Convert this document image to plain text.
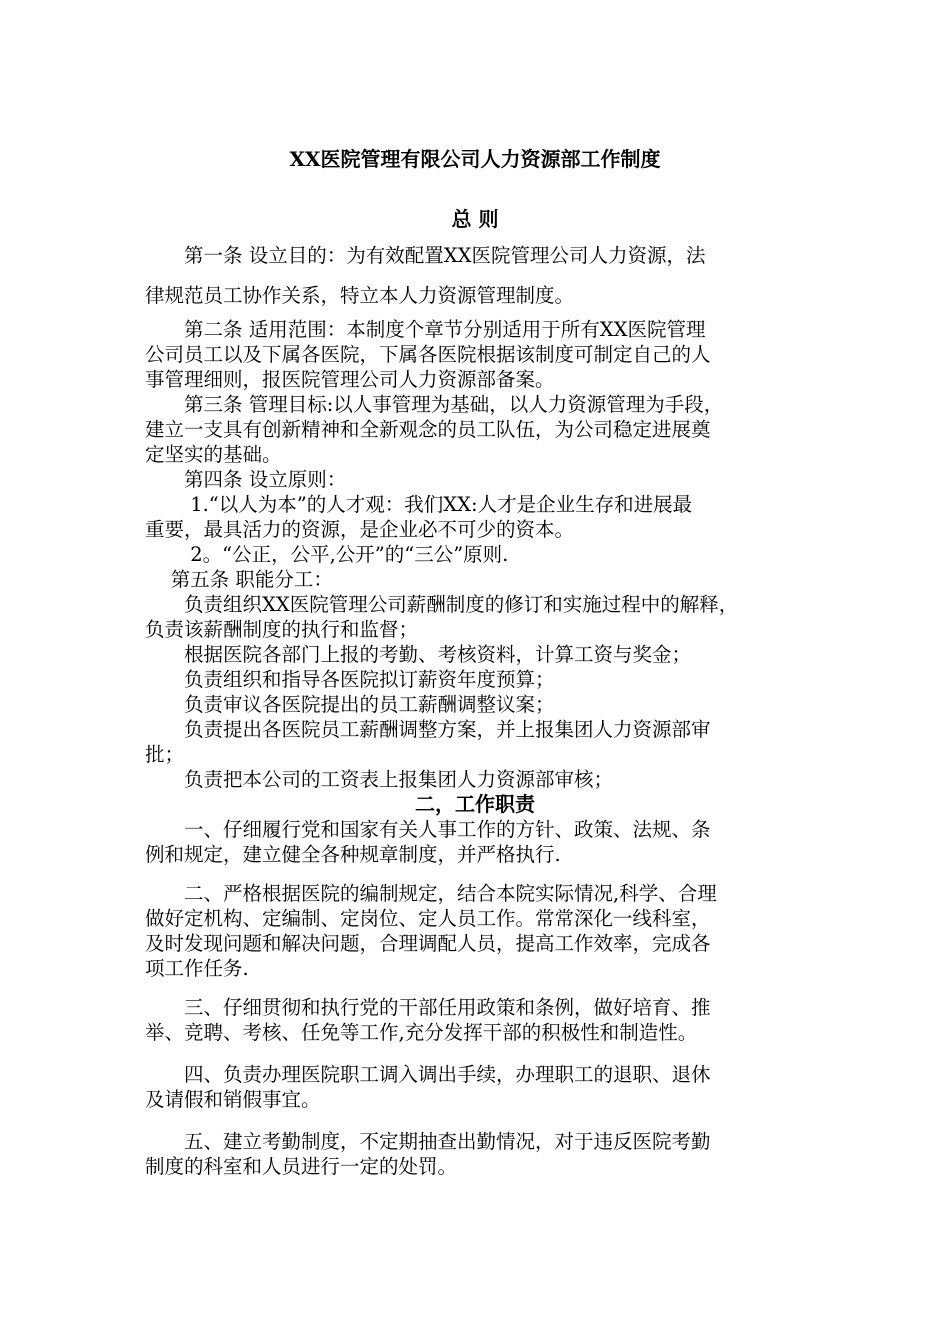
XX医院管理有限公司人力资源部工作制度
总 则
　　第一条 设立目的：为有效配置XX医院管理公司人力资源，法
律规范员工协作关系，特立本人力资源管理制度。
　　第二条 适用范围：本制度个章节分别适用于所有XX医院管理
公司员工以及下属各医院，下属各医院根据该制度可制定自己的人
事管理细则，报医院管理公司人力资源部备案。
　　第三条 管理目标:以人事管理为基础，以人力资源管理为手段，
建立一支具有创新精神和全新观念的员工队伍，为公司稳定进展奠
定坚实的基础。
　　第四条 设立原则：
　　 1.“以人为本”的人才观：我们XX:人才是企业生存和进展最
重要，最具活力的资源，是企业必不可少的资本。
　　 2。“公正，公平,公开”的“三公”原则.
　 第五条 职能分工：
　　负责组织XX医院管理公司薪酬制度的修订和实施过程中的解释，
负责该薪酬制度的执行和监督；
　　根据医院各部门上报的考勤、考核资料，计算工资与奖金；
　　负责组织和指导各医院拟订薪资年度预算；
　　负责审议各医院提出的员工薪酬调整议案；
　　负责提出各医院员工薪酬调整方案，并上报集团人力资源部审
批；
　　负责把本公司的工资表上报集团人力资源部审核；
二，工作职责
　　一、仔细履行党和国家有关人事工作的方针、政策、法规、条
例和规定，建立健全各种规章制度，并严格执行.
　　二、严格根据医院的编制规定，结合本院实际情况,科学、合理
做好定机构、定编制、定岗位、定人员工作。常常深化一线科室，
及时发现问题和解决问题，合理调配人员，提高工作效率，完成各
项工作任务.
　　三、仔细贯彻和执行党的干部任用政策和条例，做好培育、推
举、竞聘、考核、任免等工作,充分发挥干部的积极性和制造性。
　　四、负责办理医院职工调入调出手续，办理职工的退职、退休
及请假和销假事宜。
　　五、建立考勤制度，不定期抽查出勤情况，对于违反医院考勤
制度的科室和人员进行一定的处罚。
